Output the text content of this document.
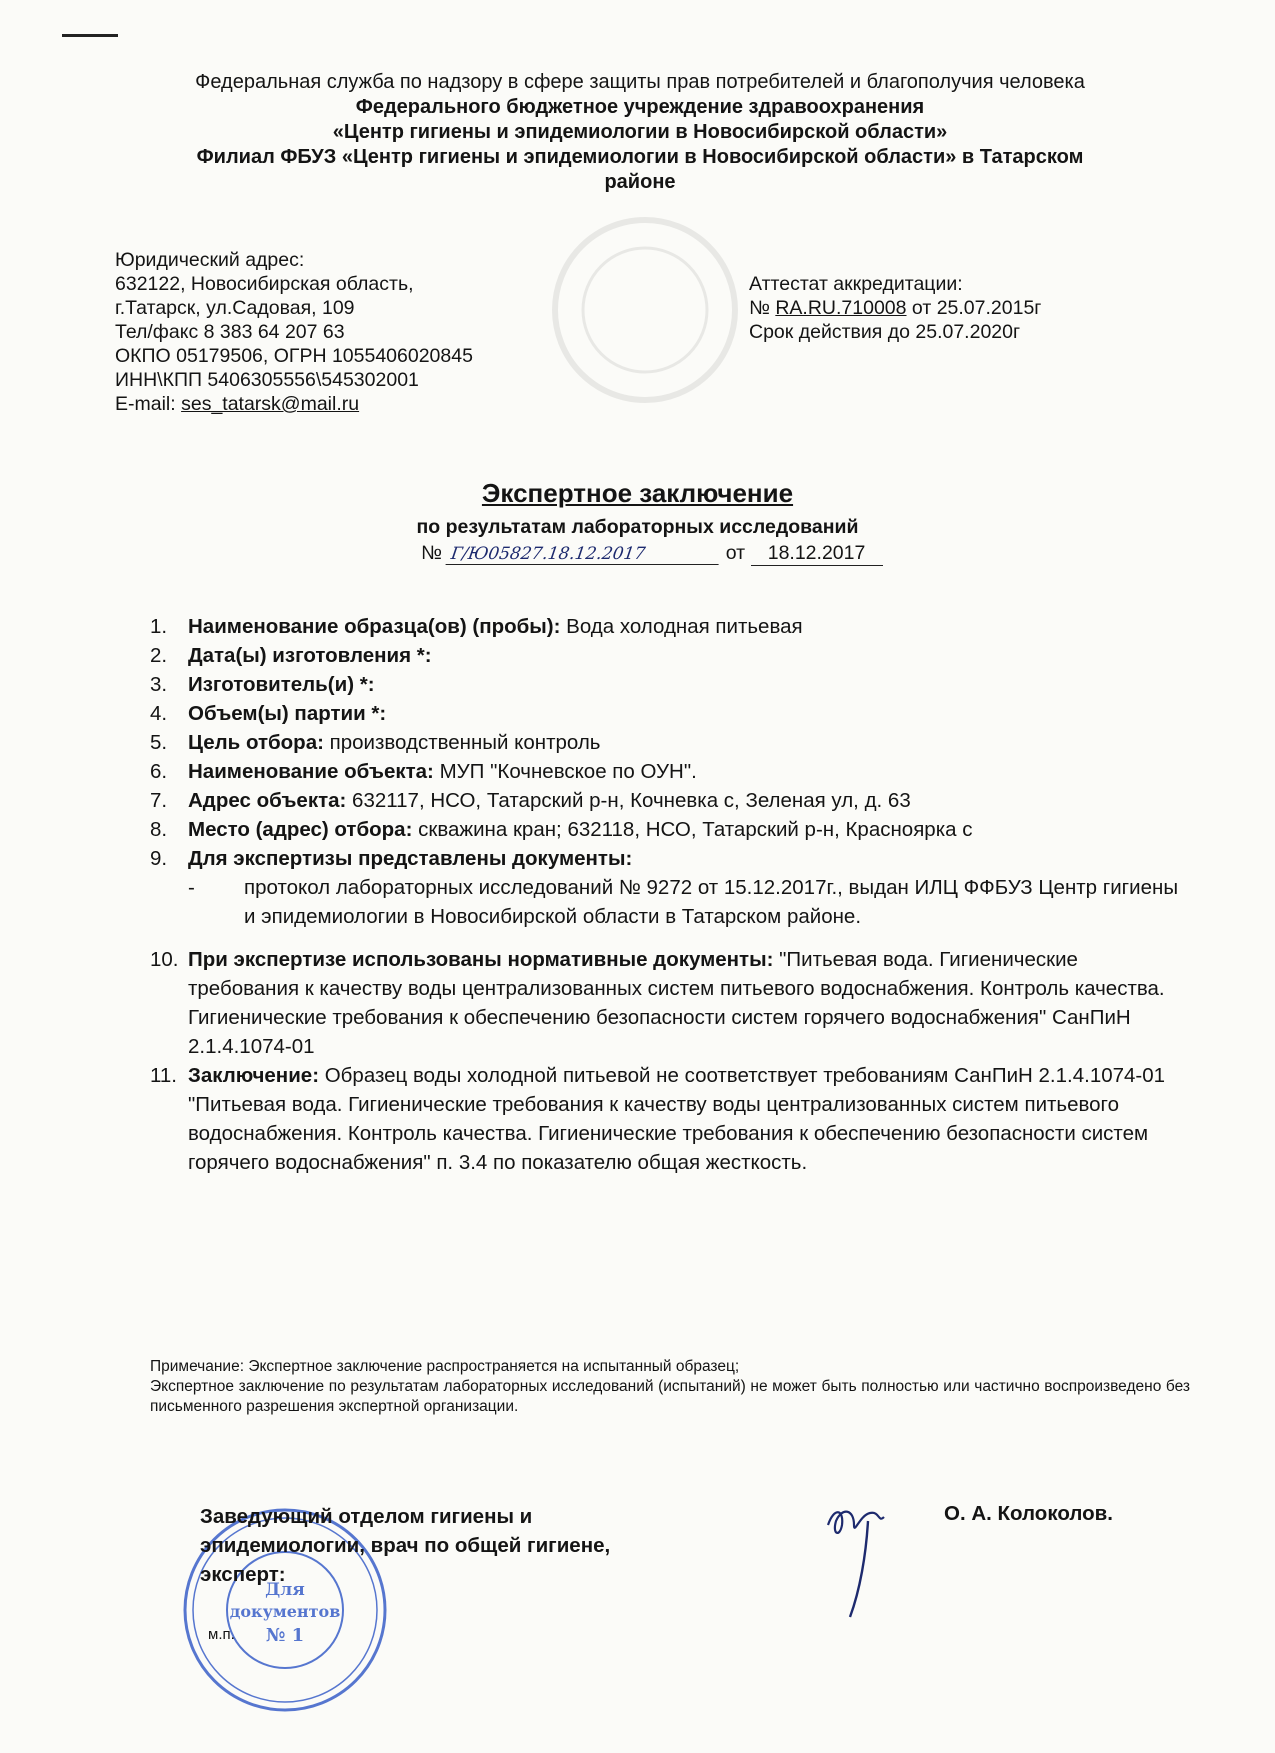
Федеральная служба по надзору в сфере защиты прав потребителей и благополучия человека
Федерального бюджетное учреждение здравоохранения
«Центр гигиены и эпидемиологии в Новосибирской области»
Филиал ФБУЗ «Центр гигиены и эпидемиологии в Новосибирской области» в Татарском
районе
Юридический адрес:
632122, Новосибирская область,
г.Татарск, ул.Садовая, 109
Тел/факс 8 383 64 207 63
ОКПО 05179506, ОГРН 1055406020845
ИНН\КПП 5406305556\545302001
E-mail: ses_tatarsk@mail.ru
Аттестат аккредитации:
№ RA.RU.710008 от 25.07.2015г
Срок действия до 25.07.2020г
Экспертное заключение
по результатам лабораторных исследований
№ Г/Ю05827.18.12.2017	от 18.12.2017
1.	Наименование образца(ов) (пробы): Вода холодная питьевая
2.	Дата(ы) изготовления *:
3.	Изготовитель(и) *:
4.	Объем(ы) партии *:
5.	Цель отбора: производственный контроль
6.	Наименование объекта: МУП "Кочневское по ОУН".
7.	Адрес объекта: 632117, НСО, Татарский р-н, Кочневка с, Зеленая ул, д. 63
8.	Место (адрес) отбора: скважина кран; 632118, НСО, Татарский р-н, Краснoярка с
9.	Для экспертизы представлены документы:
-	протокол лабораторных исследований № 9272 от 15.12.2017г., выдан ИЛЦ ФФБУЗ Центр гигиены и эпидемиологии в Новосибирской области в Татарском районе.
10. При экспертизе использованы нормативные документы: "Питьевая вода. Гигиенические требования к качеству воды централизованных систем питьевого водоснабжения. Контроль качества. Гигиенические требования к обеспечению безопасности систем горячего водоснабжения" СанПиН 2.1.4.1074-01
11. Заключение: Образец воды холодной питьевой не соответствует требованиям СанПиН 2.1.4.1074-01 "Питьевая вода. Гигиенические требования к качеству воды централизованных систем питьевого водоснабжения. Контроль качества. Гигиенические требования к обеспечению безопасности систем горячего водоснабжения" п. 3.4 по показателю общая жесткость.
Примечание: Экспертное заключение распространяется на испытанный образец;
Экспертное заключение по результатам лабораторных исследований (испытаний) не может быть полностью или частично воспроизведено без письменного разрешения экспертной организации.
Для
документов
№ 1
Заведующий отделом гигиены и
эпидемиологии, врач по общей гигиене,
эксперт:
О. А. Колоколов.
м.п.
